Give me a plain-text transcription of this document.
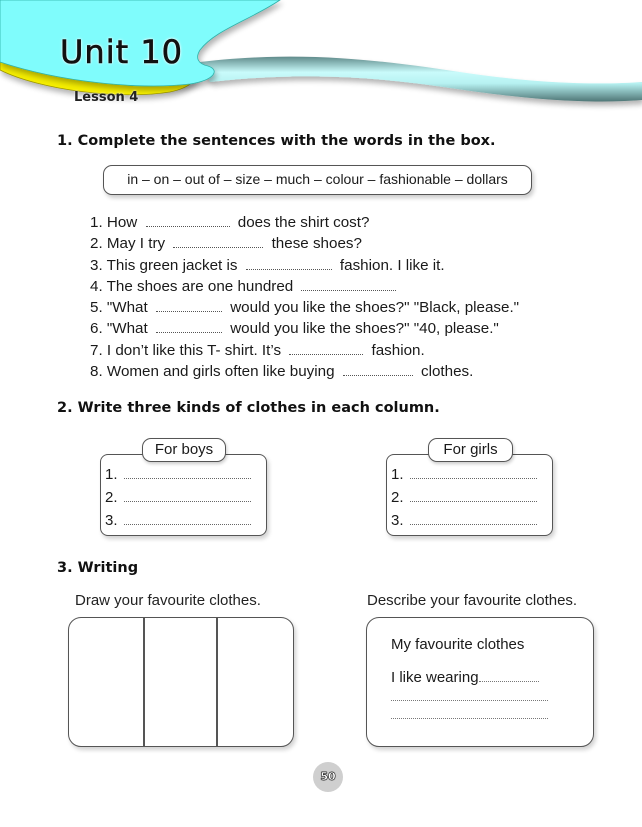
Unit 10
Lesson 4
1. Complete the sentences with the words in the box.
in – on – out of – size – much – colour – fashionable – dollars
1. How	does the shirt cost?
2. May I try	these shoes?
3. This green jacket is	fashion. I like it.
4. The shoes are one hundred
5. "What	would you like the shoes?" "Black, please."
6. "What	would you like the shoes?" "40, please."
7. I don’t like this T- shirt. It’s	fashion.
8. Women and girls often like buying	clothes.
2. Write three kinds of clothes in each column.
1.
2.
3.
For boys
1.
2.
3.
For girls
3. Writing
Draw your favourite clothes.	Describe your favourite clothes.
My favourite clothes
I like wearing
50
